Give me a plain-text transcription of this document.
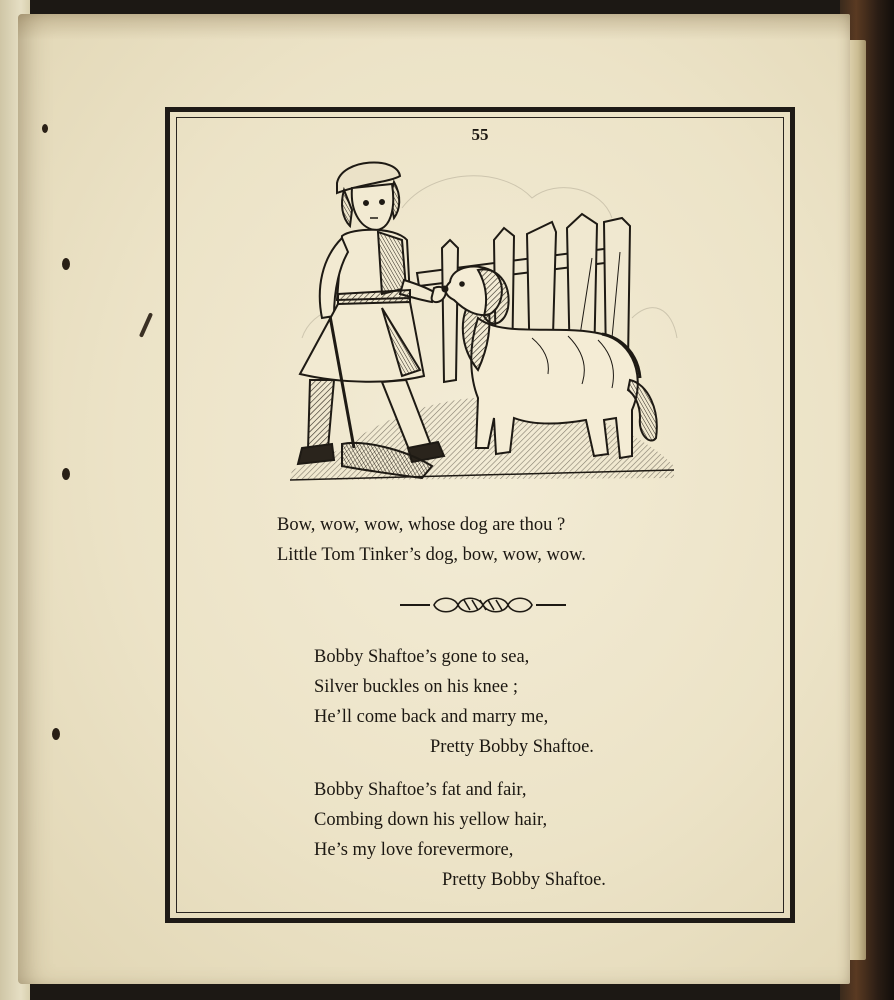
55
Bow, wow, wow, whose dog are thou ?
Little Tom Tinker’s dog, bow, wow, wow.
Bobby Shaftoe’s gone to sea,
Silver buckles on his knee ;
He’ll come back and marry me,
Pretty Bobby Shaftoe.
Bobby Shaftoe’s fat and fair,
Combing down his yellow hair,
He’s my love forevermore,
Pretty Bobby Shaftoe.
